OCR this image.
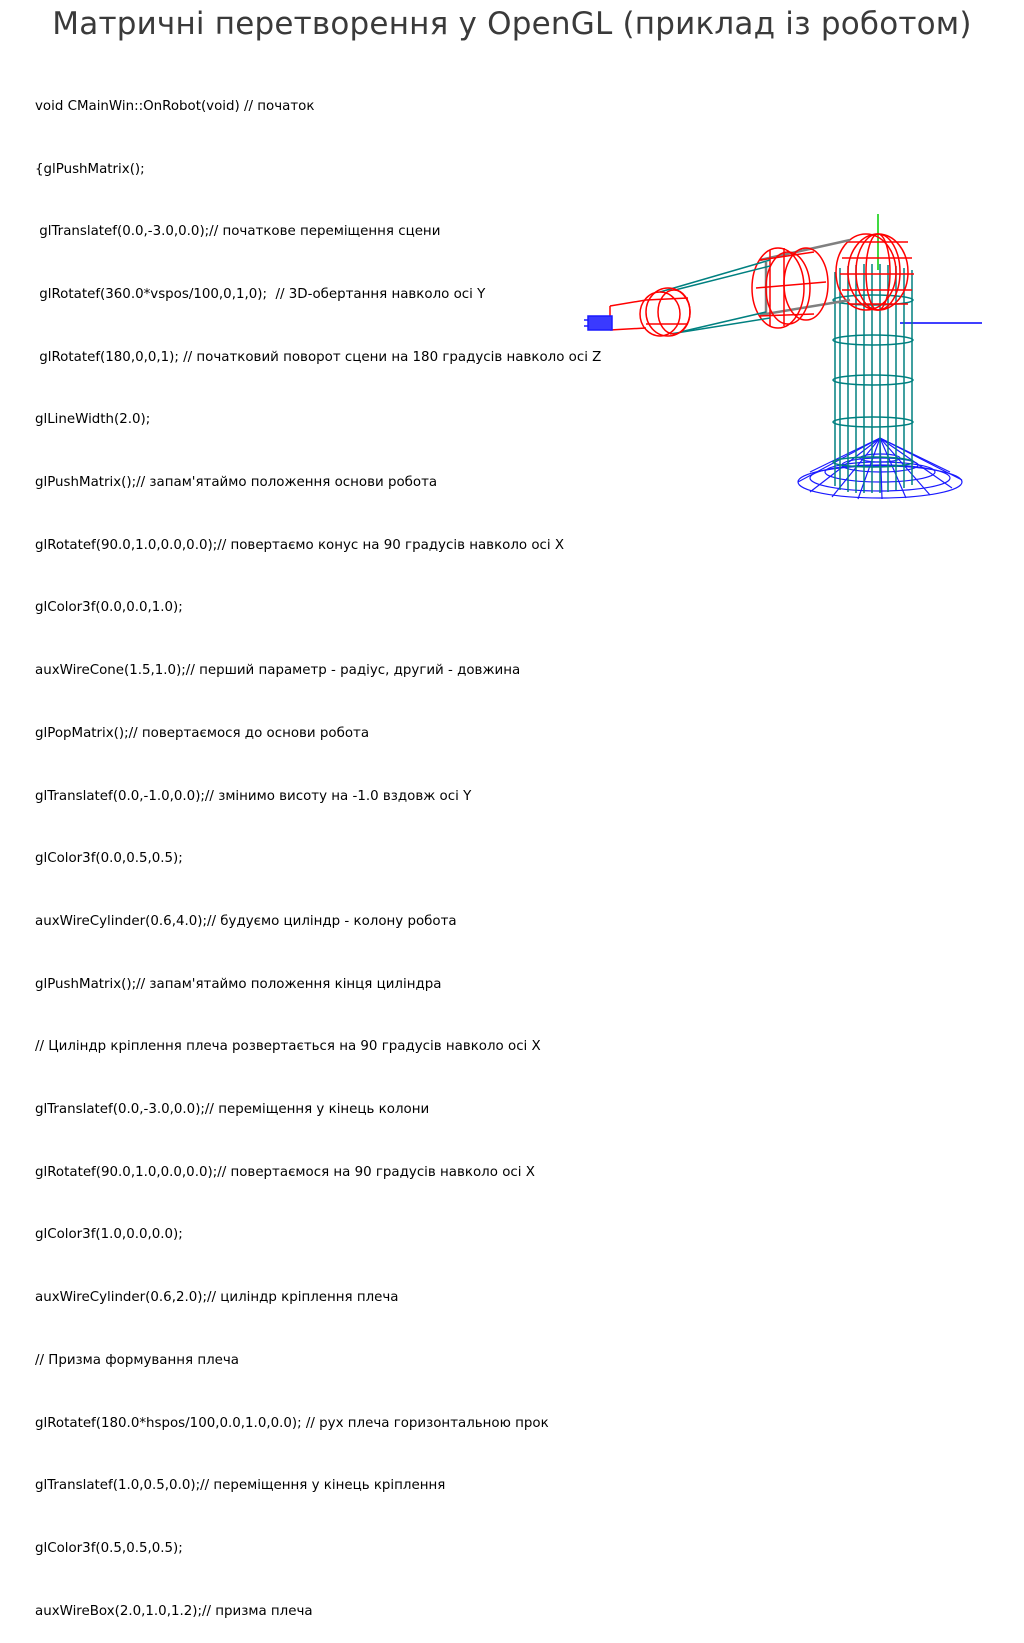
Матричні перетворення у OpenGL (приклад із роботом)

void CMainWin::OnRobot(void) // початок

{glPushMatrix();

glTranslatef(0.0,-3.0,0.0);// початкове переміщення сцени

glRotatef(360.0*vspos/100,0,1,0);  // 3D-обертання навколо осі Y

glRotatef(180,0,0,1); // початковий поворот сцени на 180 градусів навколо осі Z

glLineWidth(2.0);

glPushMatrix();// запам'ятаймо положення основи робота

glRotatef(90.0,1.0,0.0,0.0);// повертаємо конус на 90 градусів навколо осі X

glColor3f(0.0,0.0,1.0);

auxWireCone(1.5,1.0);// перший параметр - радіус, другий - довжина

glPopMatrix();// повертаємося до основи робота

glTranslatef(0.0,-1.0,0.0);// змінимо висоту на -1.0 вздовж осі Y

glColor3f(0.0,0.5,0.5);

auxWireCylinder(0.6,4.0);// будуємо циліндр - колону робота

glPushMatrix();// запам'ятаймо положення кінця циліндра

// Циліндр кріплення плеча розвертається на 90 градусів навколо осі X

glTranslatef(0.0,-3.0,0.0);// переміщення у кінець колони

glRotatef(90.0,1.0,0.0,0.0);// повертаємося на 90 градусів навколо осі X

glColor3f(1.0,0.0,0.0);

auxWireCylinder(0.6,2.0);// циліндр кріплення плеча

// Призма формування плеча

glRotatef(180.0*hspos/100,0.0,1.0,0.0); // рух плеча горизонтальною прок

glTranslatef(1.0,0.5,0.0);// переміщення у кінець кріплення

glColor3f(0.5,0.5,0.5);

auxWireBox(2.0,1.0,1.2);// призма плеча
